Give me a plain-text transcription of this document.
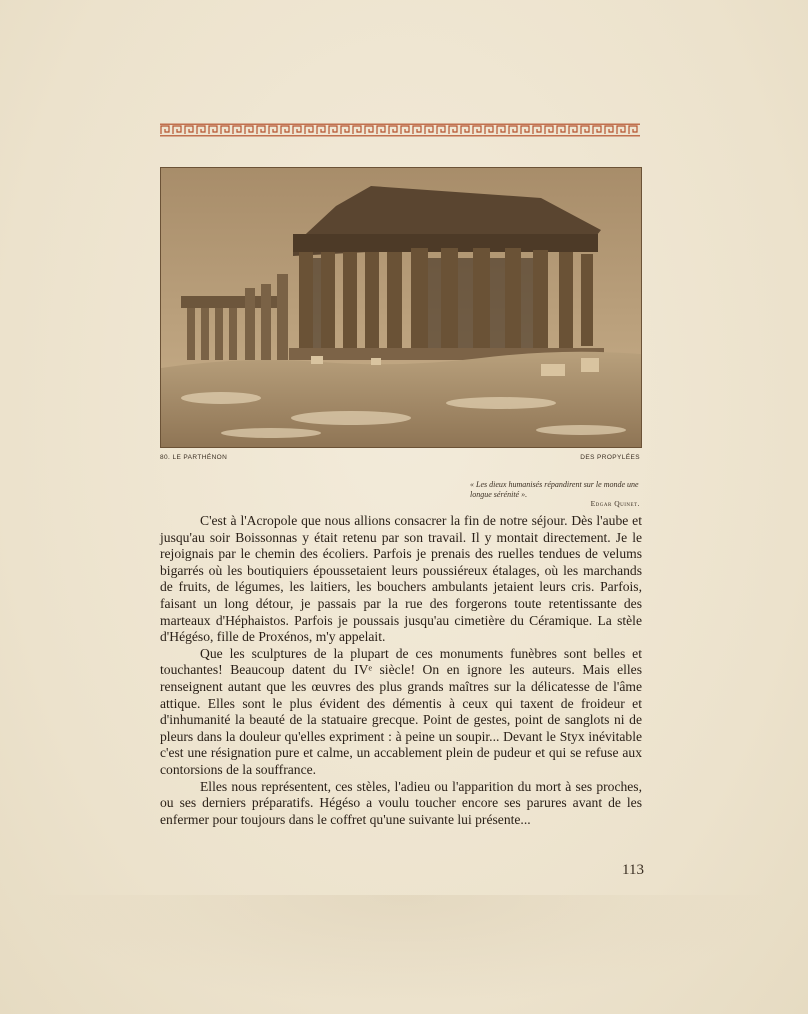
80. LE PARTHÉNON	DES PROPYLÉES
« Les dieux humanisés répandirent sur le monde une longue sérénité ».
Edgar Quinet.

C'est à l'Acropole que nous allions consacrer la fin de notre séjour. Dès l'aube et jusqu'au soir Boissonnas y était retenu par son travail. Il y montait directement. Je le rejoignais par le chemin des écoliers. Parfois je prenais des ruelles tendues de velums bigarrés où les boutiquiers époussetaient leurs poussiéreux étalages, où les marchands de fruits, de légumes, les laitiers, les bouchers ambulants jetaient leurs cris. Parfois, faisant un long détour, je passais par la rue des forgerons toute retentissante des marteaux d'Héphaistos. Parfois je poussais jusqu'au cimetière du Céramique. La stèle d'Hégéso, fille de Proxénos, m'y appelait.

Que les sculptures de la plupart de ces monuments funèbres sont belles et touchantes! Beaucoup datent du IVᵉ siècle! On en ignore les auteurs. Mais elles renseignent autant que les œuvres des plus grands maîtres sur la délicatesse de l'âme attique. Elles sont le plus évident des démentis à ceux qui taxent de froideur et d'inhumanité la beauté de la statuaire grecque. Point de gestes, point de sanglots ni de pleurs dans la douleur qu'elles expriment : à peine un soupir... Devant le Styx inévitable c'est une résignation pure et calme, un accablement plein de pudeur et qui se refuse aux contorsions de la souffrance.

Elles nous représentent, ces stèles, l'adieu ou l'apparition du mort à ses proches, ou ses derniers préparatifs. Hégéso a voulu toucher encore ses parures avant de les enfermer pour toujours dans le coffret qu'une suivante lui présente...

113
